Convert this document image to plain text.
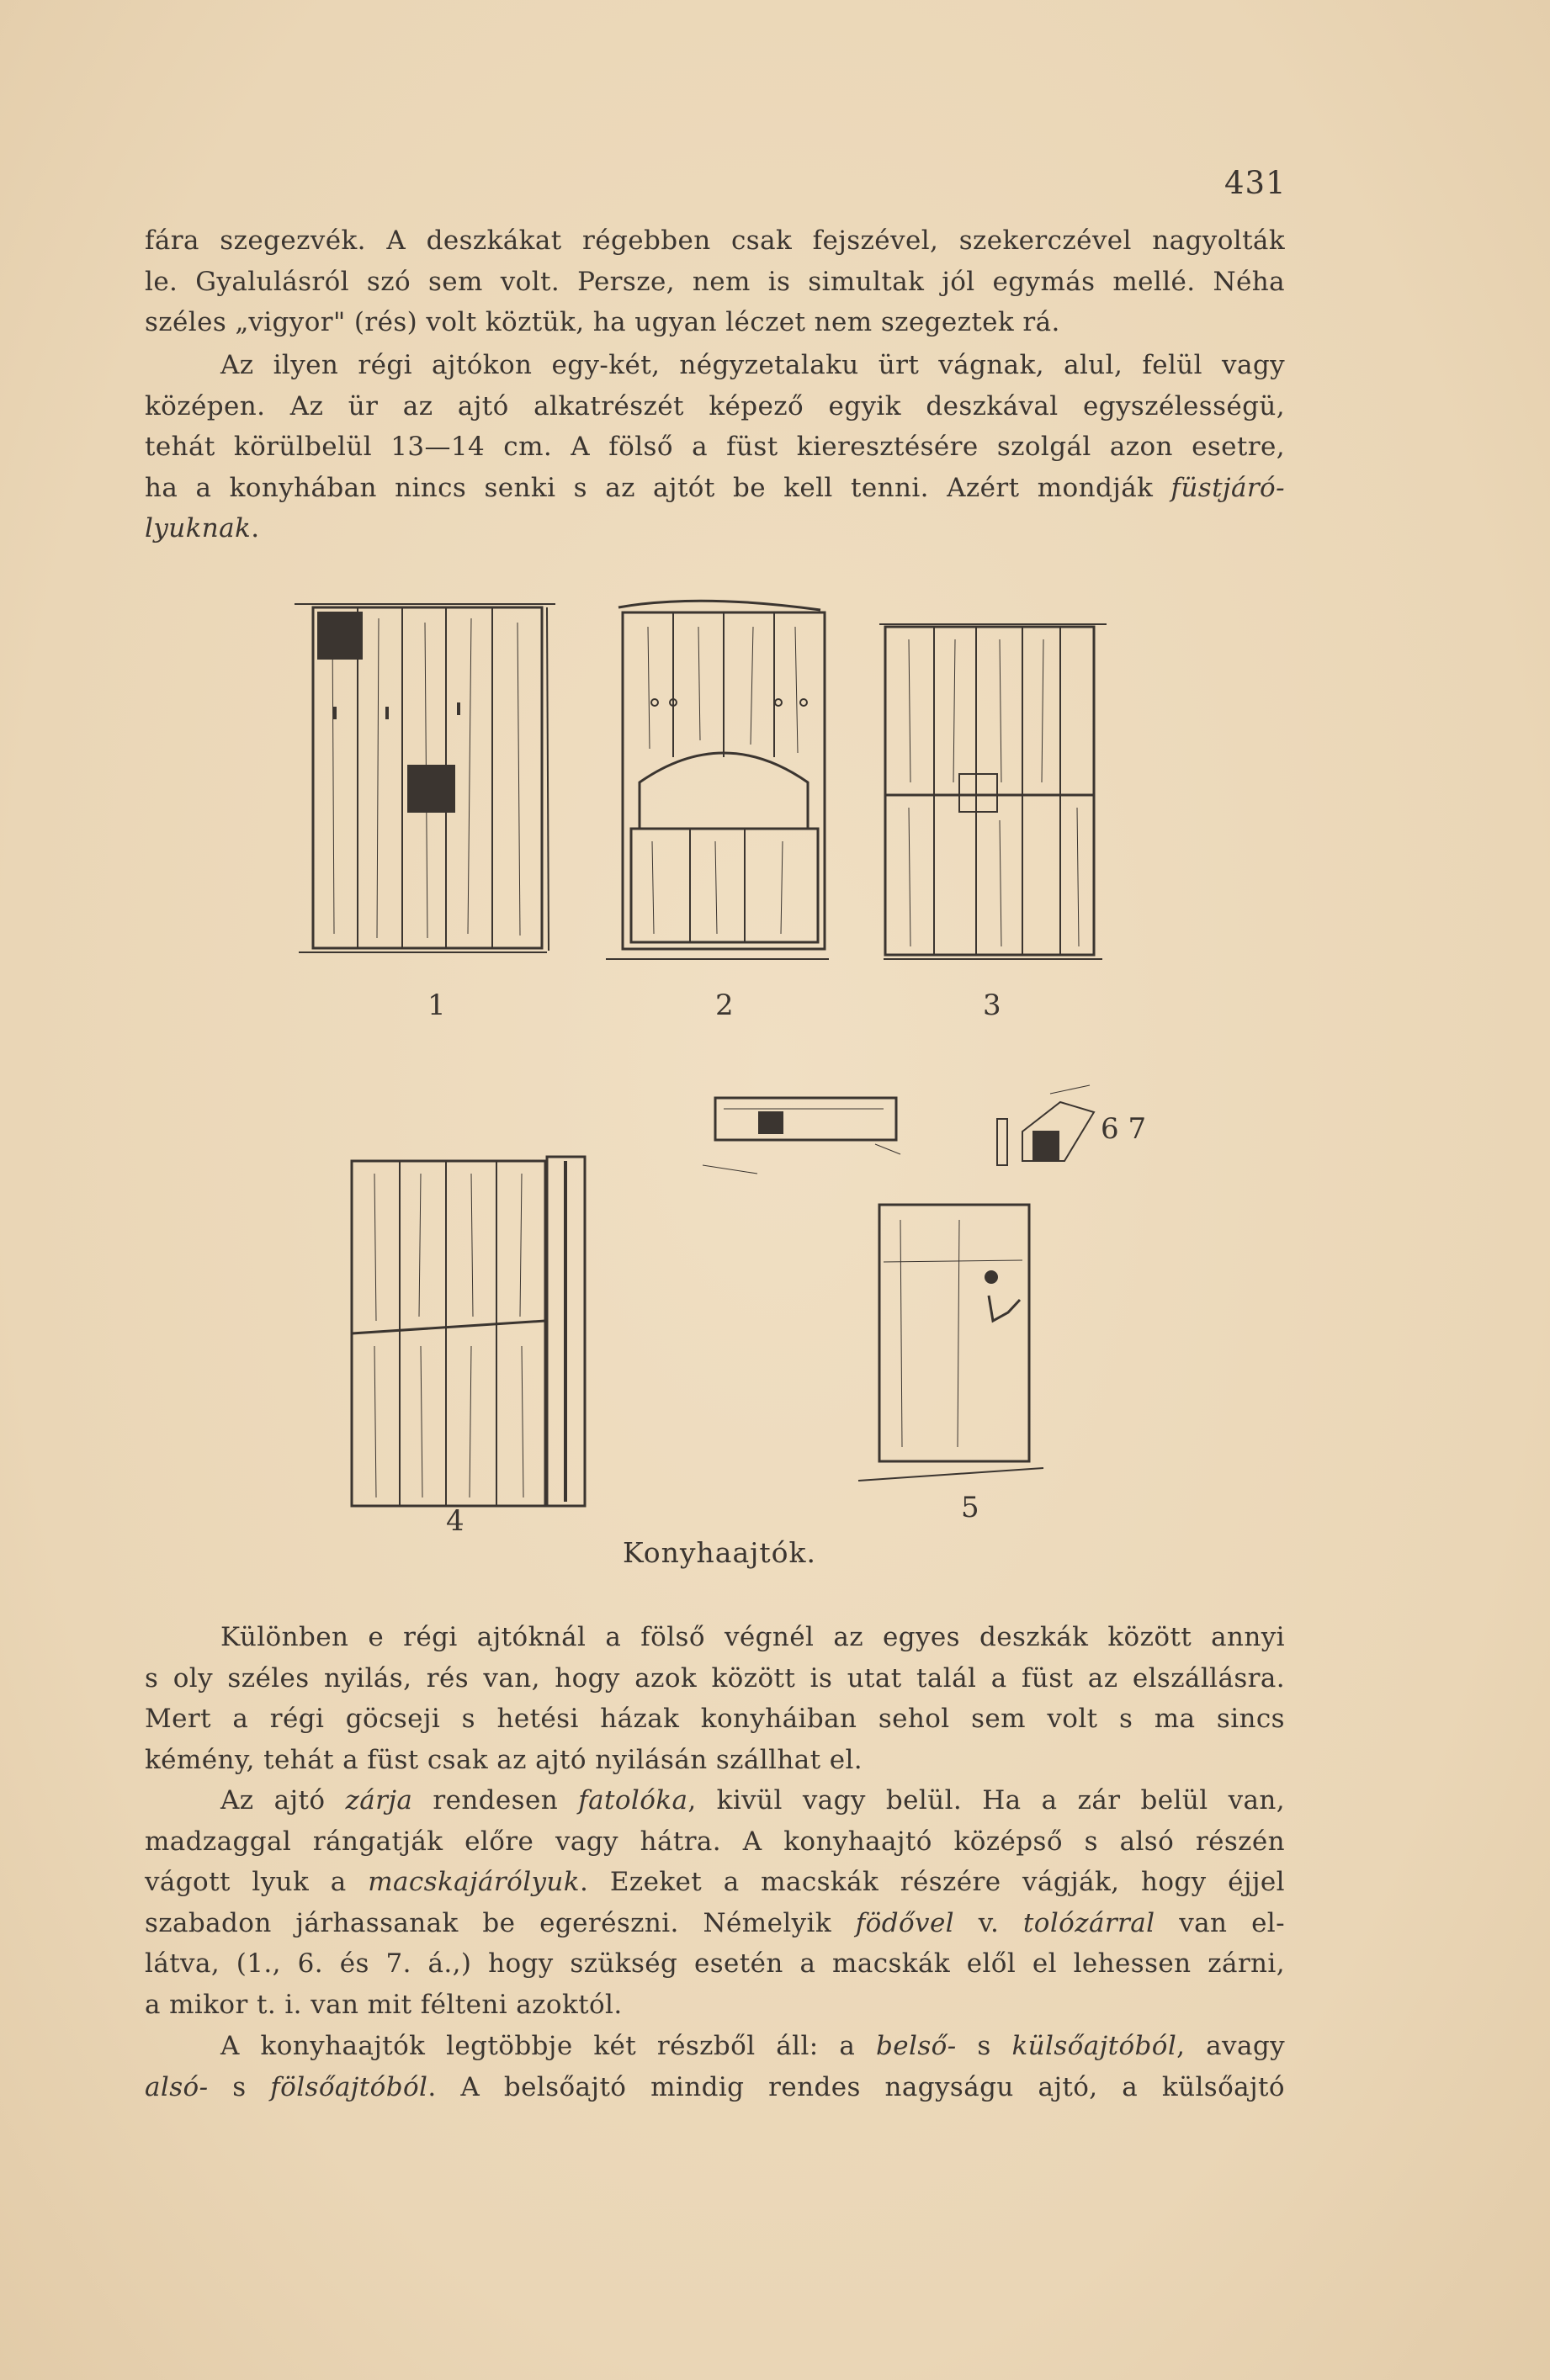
431
fára szegezvék. A deszkákat régebben csak fejszével, szekerczével nagyolták
le. Gyalulásról szó sem volt. Persze, nem is simultak jól egymás mellé. Néha
széles „vigyor" (rés) volt köztük, ha ugyan léczet nem szegeztek rá.
Az ilyen régi ajtókon egy-két, négyzetalaku ürt vágnak, alul, felül vagy
középen. Az ür az ajtó alkatrészét képező egyik deszkával egyszélességü,
tehát körülbelül 13—14 cm. A fölső a füst kieresztésére szolgál azon esetre,
ha a konyhában nincs senki s az ajtót be kell tenni. Azért mondják füstjáró-
lyuknak.
1	2	3
4	5
6 7
Konyhaajtók.
Különben e régi ajtóknál a fölső végnél az egyes deszkák között annyi
s oly széles nyilás, rés van, hogy azok között is utat talál a füst az elszállásra.
Mert a régi göcseji s hetési házak konyháiban sehol sem volt s ma sincs
kémény, tehát a füst csak az ajtó nyilásán szállhat el.
Az ajtó zárja rendesen fatolóka, kivül vagy belül. Ha a zár belül van,
madzaggal rángatják előre vagy hátra. A konyhaajtó középső s alsó részén
vágott lyuk a macskajárólyuk. Ezeket a macskák részére vágják, hogy éjjel
szabadon járhassanak be egerészni. Némelyik födővel v. tolózárral van el-
látva, (1., 6. és 7. á.,) hogy szükség esetén a macskák elől el lehessen zárni,
a mikor t. i. van mit félteni azoktól.
A konyhaajtók legtöbbje két részből áll: a belső- s külsőajtóból, avagy
alsó- s fölsőajtóból. A belsőajtó mindig rendes nagyságu ajtó, a külsőajtó
